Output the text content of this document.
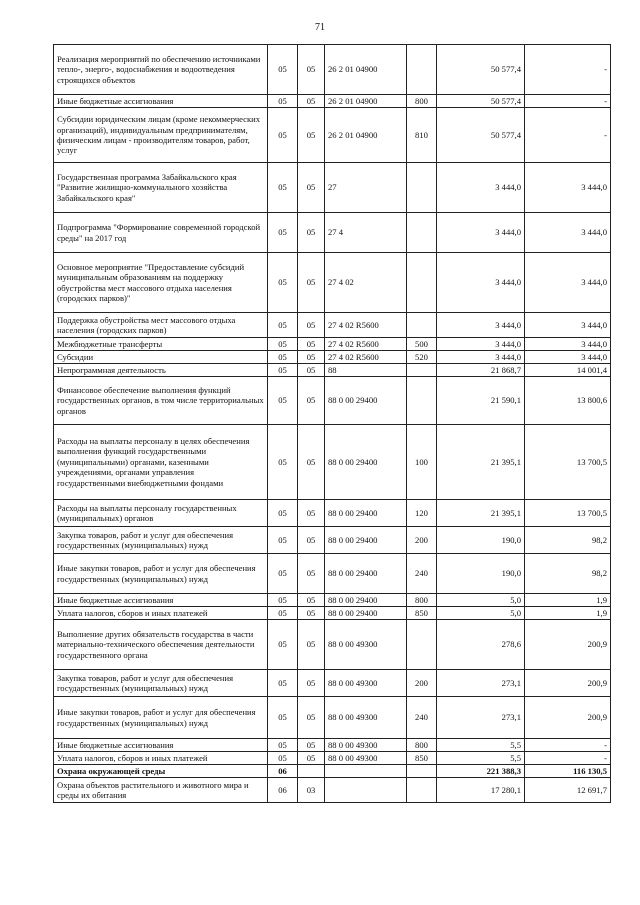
71
Реализация мероприятий по обеспечению источниками тепло-, энерго-, водоснабжения и водоотведения строящихся объектов	05	05	26 2 01 04900		50 577,4	-
Иные бюджетные ассигнования	05	05	26 2 01 04900	800	50 577,4	-
Субсидии юридическим лицам (кроме некоммерческих организаций), индивидуальным предпринимателям, физическим лицам - производителям товаров, работ, услуг	05	05	26 2 01 04900	810	50 577,4	-
Государственная программа Забайкальского края "Развитие жилищно-коммунального хозяйства Забайкальского края"	05	05	27		3 444,0	3 444,0
Подпрограмма "Формирование современной городской среды" на 2017 год	05	05	27 4		3 444,0	3 444,0
Основное мероприятие "Предоставление субсидий муниципальным образованиям на поддержку обустройства мест массового отдыха населения (городских парков)"	05	05	27 4 02		3 444,0	3 444,0
Поддержка обустройства мест массового отдыха населения (городских парков)	05	05	27 4 02 R5600		3 444,0	3 444,0
Межбюджетные трансферты	05	05	27 4 02 R5600	500	3 444,0	3 444,0
Субсидии	05	05	27 4 02 R5600	520	3 444,0	3 444,0
Непрограммная деятельность	05	05	88		21 868,7	14 001,4
Финансовое обеспечение выполнения функций государственных органов, в том числе территориальных органов	05	05	88 0 00 29400		21 590,1	13 800,6
Расходы на выплаты персоналу в целях обеспечения выполнения функций государственными (муниципальными) органами, казенными учреждениями, органами управления государственными внебюджетными фондами	05	05	88 0 00 29400	100	21 395,1	13 700,5
Расходы на выплаты персоналу государственных (муниципальных) органов	05	05	88 0 00 29400	120	21 395,1	13 700,5
Закупка товаров, работ и услуг для обеспечения государственных (муниципальных) нужд	05	05	88 0 00 29400	200	190,0	98,2
Иные закупки товаров, работ и услуг для обеспечения государственных (муниципальных) нужд	05	05	88 0 00 29400	240	190,0	98,2
Иные бюджетные ассигнования	05	05	88 0 00 29400	800	5,0	1,9
Уплата налогов, сборов и иных платежей	05	05	88 0 00 29400	850	5,0	1,9
Выполнение других обязательств государства в части материально-технического обеспечения деятельности государственного органа	05	05	88 0 00 49300		278,6	200,9
Закупка товаров, работ и услуг для обеспечения государственных (муниципальных) нужд	05	05	88 0 00 49300	200	273,1	200,9
Иные закупки товаров, работ и услуг для обеспечения государственных (муниципальных) нужд	05	05	88 0 00 49300	240	273,1	200,9
Иные бюджетные ассигнования	05	05	88 0 00 49300	800	5,5	-
Уплата налогов, сборов и иных платежей	05	05	88 0 00 49300	850	5,5	-
Охрана окружающей среды	06				221 388,3	116 130,5
Охрана объектов растительного и животного мира и среды их обитания	06	03			17 280,1	12 691,7
